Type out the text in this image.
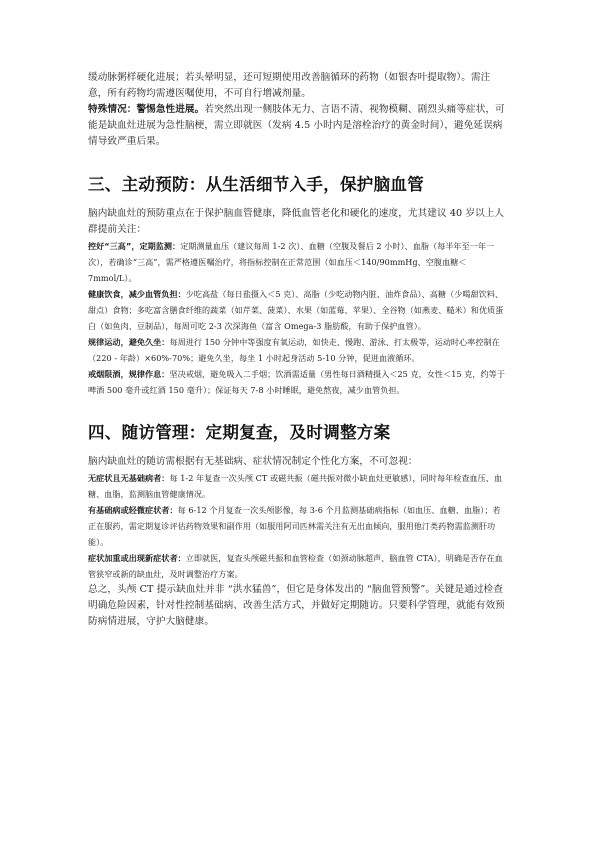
缓动脉粥样硬化进展；若头晕明显，还可短期使用改善脑循环的药物（如银杏叶提取物）。需注意，所有药物均需遵医嘱使用，不可自行增减剂量。

特殊情况：警惕急性进展。若突然出现一侧肢体无力、言语不清、视物模糊、剧烈头痛等症状，可能是缺血灶进展为急性脑梗，需立即就医（发病 4.5 小时内是溶栓治疗的黄金时间），避免延误病情导致严重后果。

三、主动预防：从生活细节入手，保护脑血管

脑内缺血灶的预防重点在于保护脑血管健康，降低血管老化和硬化的速度，尤其建议 40 岁以上人群提前关注：

控好“三高”，定期监测：定期测量血压（建议每周 1-2 次）、血糖（空腹及餐后 2 小时）、血脂（每半年至一年一次），若确诊“三高”，需严格遵医嘱治疗，将指标控制在正常范围（如血压＜140/90mmHg、空腹血糖＜7mmol/L）。

健康饮食，减少血管负担：少吃高盐（每日盐摄入＜5 克）、高脂（少吃动物内脏、油炸食品）、高糖（少喝甜饮料、甜点）食物；多吃富含膳食纤维的蔬菜（如芹菜、菠菜）、水果（如蓝莓、苹果）、全谷物（如燕麦、糙米）和优质蛋白（如鱼肉、豆制品），每周可吃 2-3 次深海鱼（富含 Omega-3 脂肪酸，有助于保护血管）。

规律运动，避免久坐：每周进行 150 分钟中等强度有氧运动，如快走、慢跑、游泳、打太极等，运动时心率控制在（220 - 年龄）×60%-70%；避免久坐，每坐 1 小时起身活动 5-10 分钟，促进血液循环。

戒烟限酒，规律作息：坚决戒烟，避免吸入二手烟；饮酒需适量（男性每日酒精摄入＜25 克，女性＜15 克，约等于啤酒 500 毫升或红酒 150 毫升）；保证每天 7-8 小时睡眠，避免熬夜，减少血管负担。

四、随访管理：定期复查，及时调整方案

脑内缺血灶的随访需根据有无基础病、症状情况制定个性化方案，不可忽视：

无症状且无基础病者：每 1-2 年复查一次头颅 CT 或磁共振（磁共振对微小缺血灶更敏感），同时每年检查血压、血糖、血脂，监测脑血管健康情况。

有基础病或轻微症状者：每 6-12 个月复查一次头颅影像，每 3-6 个月监测基础病指标（如血压、血糖、血脂）；若正在服药，需定期复诊评估药物效果和副作用（如服用阿司匹林需关注有无出血倾向，服用他汀类药物需监测肝功能）。

症状加重或出现新症状者：立即就医，复查头颅磁共振和血管检查（如颈动脉超声、脑血管 CTA），明确是否存在血管狭窄或新的缺血灶，及时调整治疗方案。

总之，头颅 CT 提示缺血灶并非 “洪水猛兽”，但它是身体发出的 “脑血管预警”。关键是通过检查明确危险因素，针对性控制基础病、改善生活方式，并做好定期随访。只要科学管理，就能有效预防病情进展，守护大脑健康。
